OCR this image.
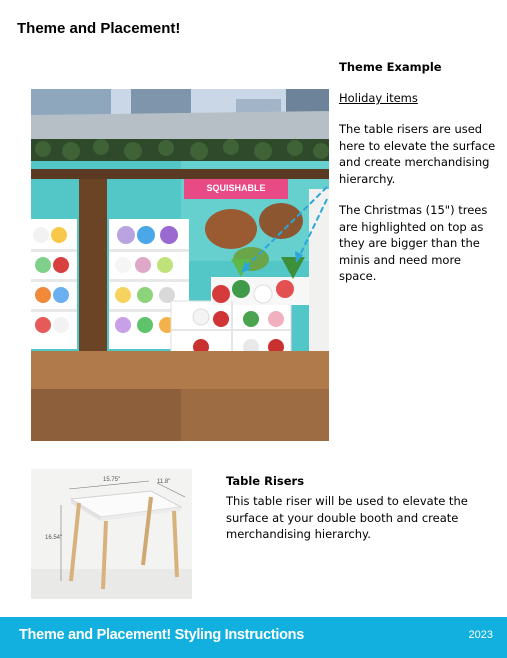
Theme and Placement!
SQUISHABLE
Theme Example
Holiday items
The table risers are used here to elevate the surface and create merchandising hierarchy.
The Christmas (15") trees are highlighted on top as they are bigger than the minis and need more space.
15.75"	11.8"
16.54"
Table Risers
This table riser will be used to elevate the surface at your double booth and create merchandising hierarchy.
Theme and Placement! Styling Instructions	2023
